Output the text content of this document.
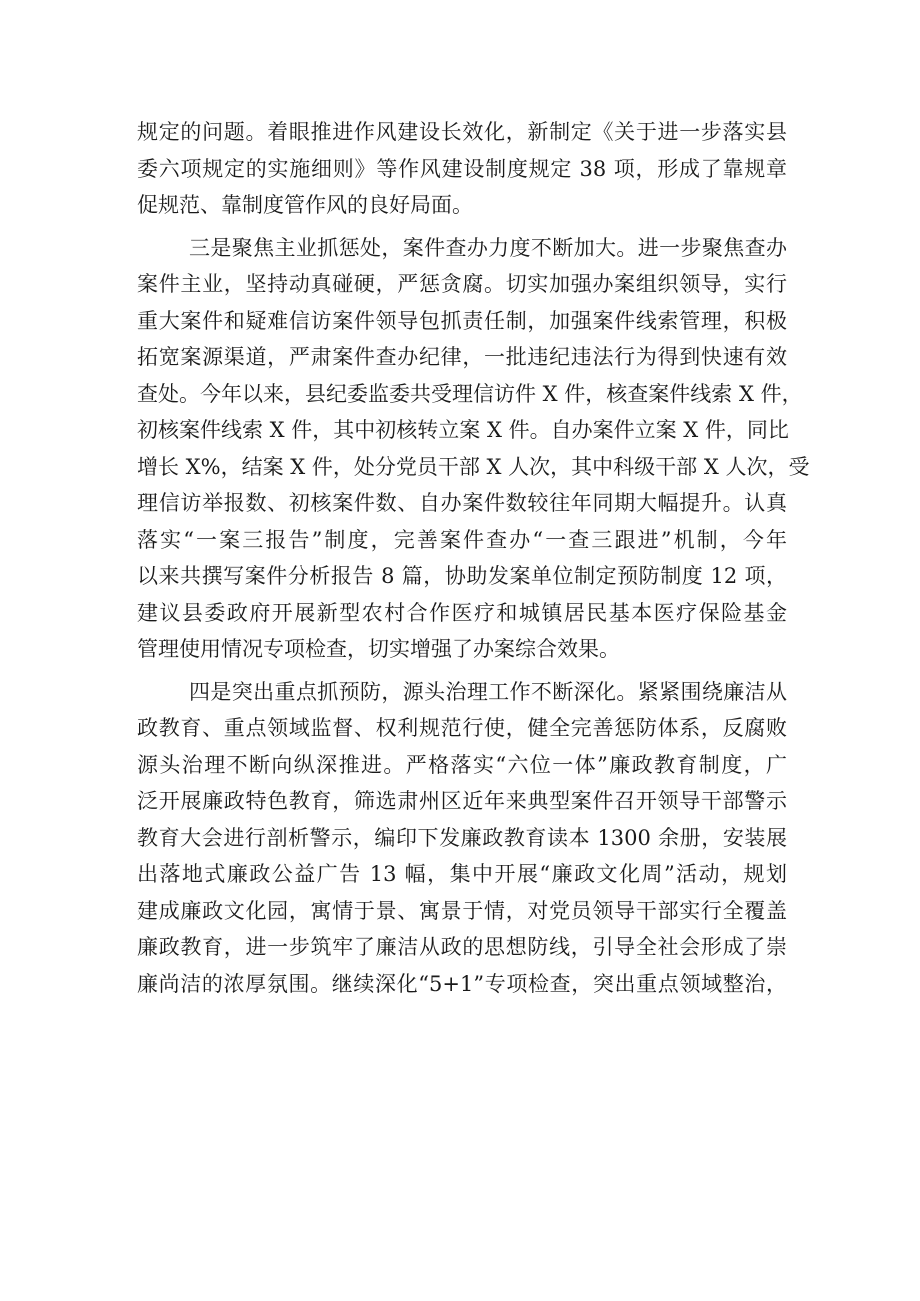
规定的问题。着眼推进作风建设长效化，新制定《关于进一步落实县
委六项规定的实施细则》等作风建设制度规定 38 项，形成了靠规章
促规范、靠制度管作风的良好局面。
三是聚焦主业抓惩处，案件查办力度不断加大。进一步聚焦查办
案件主业，坚持动真碰硬，严惩贪腐。切实加强办案组织领导，实行
重大案件和疑难信访案件领导包抓责任制，加强案件线索管理，积极
拓宽案源渠道，严肃案件查办纪律，一批违纪违法行为得到快速有效
查处。今年以来，县纪委监委共受理信访件 X 件，核查案件线索 X 件，
初核案件线索 X 件，其中初核转立案 X 件。自办案件立案 X 件，同比
增长 X%，结案 X 件，处分党员干部 X 人次，其中科级干部 X 人次，受
理信访举报数、初核案件数、自办案件数较往年同期大幅提升。认真
落实“一案三报告”制度，完善案件查办“一查三跟进”机制，今年
以来共撰写案件分析报告 8 篇，协助发案单位制定预防制度 12 项，
建议县委政府开展新型农村合作医疗和城镇居民基本医疗保险基金
管理使用情况专项检查，切实增强了办案综合效果。
四是突出重点抓预防，源头治理工作不断深化。紧紧围绕廉洁从
政教育、重点领域监督、权利规范行使，健全完善惩防体系，反腐败
源头治理不断向纵深推进。严格落实“六位一体”廉政教育制度，广
泛开展廉政特色教育，筛选肃州区近年来典型案件召开领导干部警示
教育大会进行剖析警示，编印下发廉政教育读本 1300 余册，安装展
出落地式廉政公益广告 13 幅，集中开展“廉政文化周”活动，规划
建成廉政文化园，寓情于景、寓景于情，对党员领导干部实行全覆盖
廉政教育，进一步筑牢了廉洁从政的思想防线，引导全社会形成了崇
廉尚洁的浓厚氛围。继续深化“5+1”专项检查，突出重点领域整治，
